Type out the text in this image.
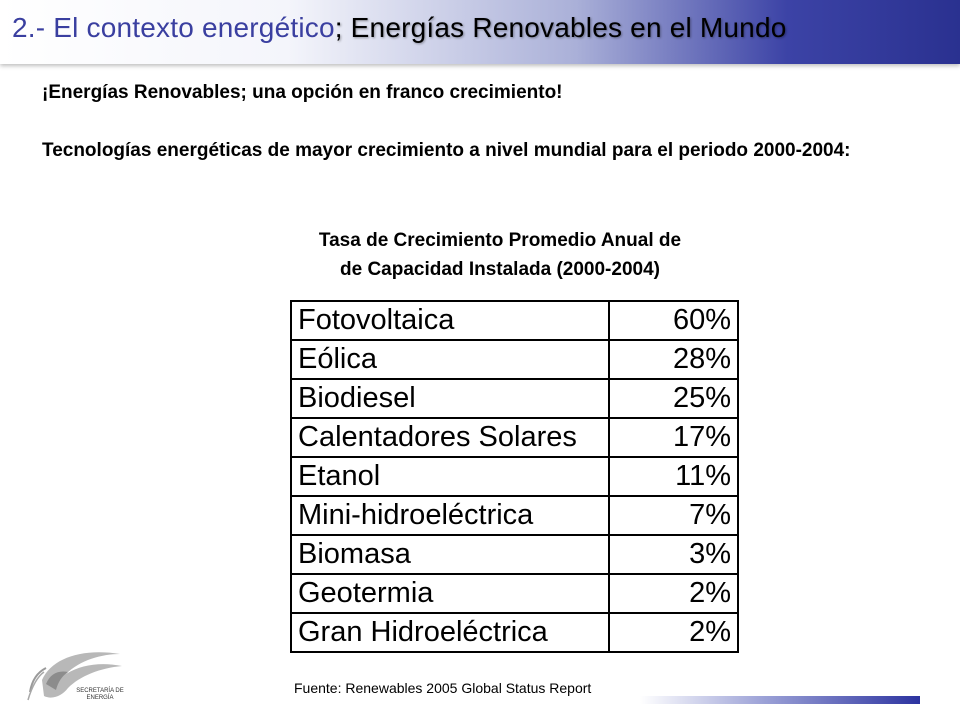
2.- El contexto energético; Energías Renovables en el Mundo

¡Energías Renovables; una opción en franco crecimiento!

Tecnologías energéticas de mayor crecimiento a nivel mundial para el periodo 2000-2004:

Tasa de Crecimiento Promedio Anual de
de Capacidad Instalada (2000-2004)
Fotovoltaica	60%
Eólica	28%
Biodiesel	25%
Calentadores Solares	17%
Etanol	11%
Mini-hidroeléctrica	7%
Biomasa	3%
Geotermia	2%
Gran Hidroeléctrica	2%

Fuente: Renewables 2005 Global Status Report

SECRETARÍA DE
ENERGÍA
